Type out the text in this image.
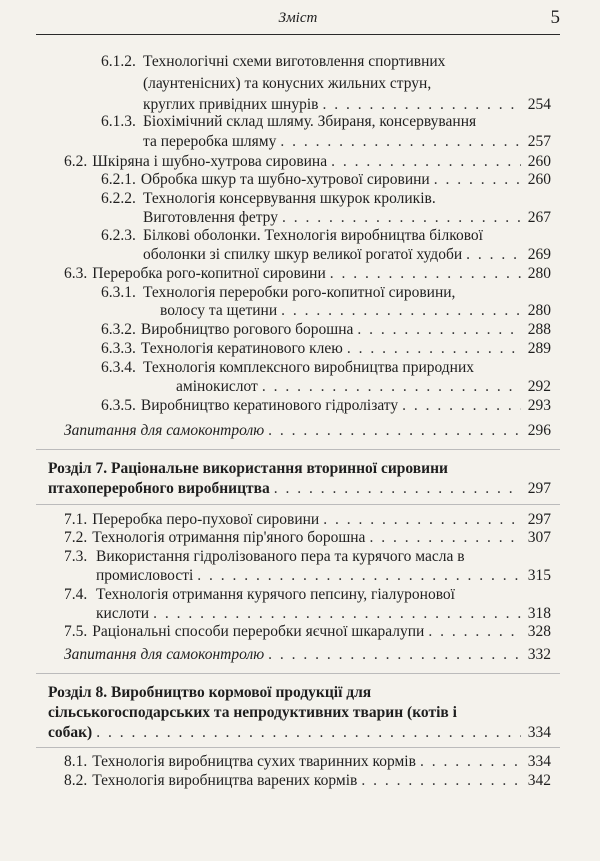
Зміст	5
6.1.2. Технологічні схеми виготовлення спортивних
(лаунтенісних) та конусних жильних струн,
круглих привідних шнурів . . .	254
6.1.3. Біохімічний склад шляму. Збираня, консервування
та переробка шляму . . .	257
6.2. Шкіряна і шубно-хутрова сировина . . .	260
6.2.1. Обробка шкур та шубно-хутрової сировини . . .	260
6.2.2. Технологія консервування шкурок кроликів.
Виготовлення фетру . . .	267
6.2.3. Білкові оболонки. Технологія виробництва білкової
оболонки зі спилку шкур великої рогатої худоби . . .	269
6.3. Переробка рого-копитної сировини . . .	280
6.3.1. Технологія переробки рого-копитної сировини,
волосу та щетини . . .	280
6.3.2. Виробництво рогового борошна . . .	288
6.3.3. Технологія кератинового клею . . .	289
6.3.4. Технологія комплексного виробництва природних
амінокислот . . .	292
6.3.5. Виробництво кератинового гідролізату . . .	293
Запитання для самоконтролю . . .	296
Розділ 7. Раціональне використання вторинної сировини
птахопереробного виробництва . . .	297
7.1. Переробка перо-пухової сировини . . .	297
7.2. Технологія отримання пір'яного борошна . . .	307
7.3. Використання гідролізованого пера та курячого масла в
промисловості . . .	315
7.4. Технологія отримання курячого пепсину, гіалуронової
кислоти . . .	318
7.5. Раціональні способи переробки яєчної шкаралупи . . .	328
Запитання для самоконтролю . . .	332
Розділ 8. Виробництво кормової продукції для
сільськогосподарських та непродуктивних тварин (котів і
собак) . . .	334
8.1. Технологія виробництва сухих тваринних кормів . . .	334
8.2. Технологія виробництва варених кормів . . .	342
